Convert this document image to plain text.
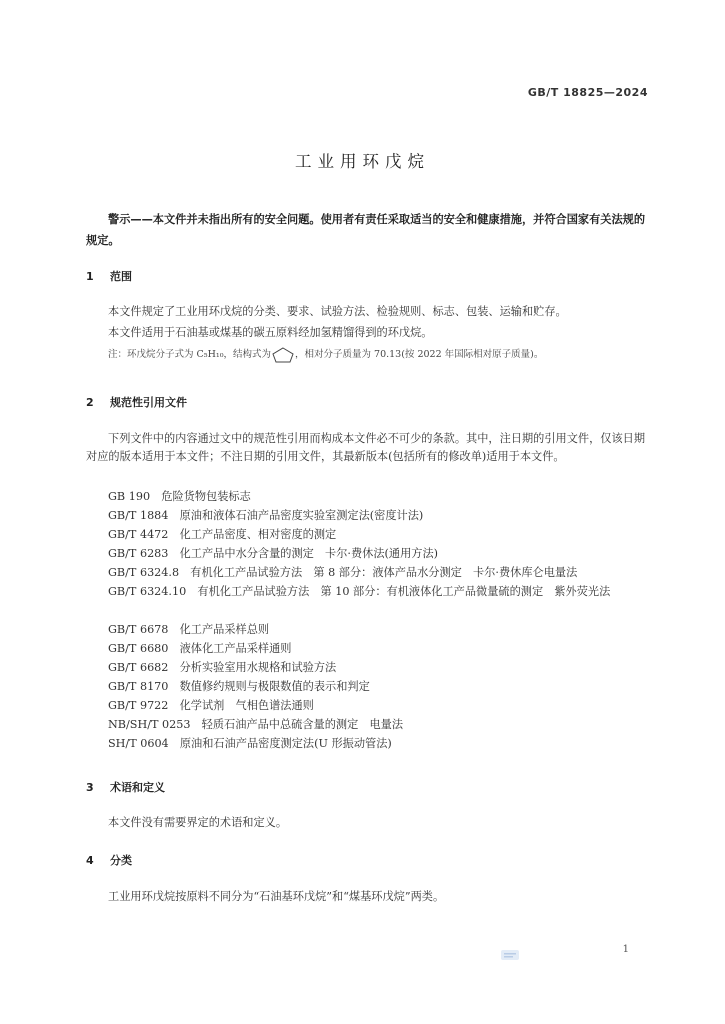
GB/T 18825—2024
工业用环戊烷
警示——本文件并未指出所有的安全问题。使用者有责任采取适当的安全和健康措施，并符合国家有关法规的规定。
1 范围
本文件规定了工业用环戊烷的分类、要求、试验方法、检验规则、标志、包装、运输和贮存。
本文件适用于石油基或煤基的碳五原料经加氢精馏得到的环戊烷。
注：环戊烷分子式为 C₅H₁₀，结构式为	，相对分子质量为 70.13(按 2022 年国际相对原子质量)。
2 规范性引用文件
下列文件中的内容通过文中的规范性引用而构成本文件必不可少的条款。其中，注日期的引用文件，仅该日期对应的版本适用于本文件；不注日期的引用文件，其最新版本(包括所有的修改单)适用于本文件。
GB 190　危险货物包装标志
GB/T 1884　原油和液体石油产品密度实验室测定法(密度计法)
GB/T 4472　化工产品密度、相对密度的测定
GB/T 6283　化工产品中水分含量的测定　卡尔·费休法(通用方法)
GB/T 6324.8　有机化工产品试验方法　第 8 部分：液体产品水分测定　卡尔·费休库仑电量法
GB/T 6324.10　有机化工产品试验方法　第 10 部分：有机液体化工产品微量硫的测定　紫外荧光法
GB/T 6678　化工产品采样总则
GB/T 6680　液体化工产品采样通则
GB/T 6682　分析实验室用水规格和试验方法
GB/T 8170　数值修约规则与极限数值的表示和判定
GB/T 9722　化学试剂　气相色谱法通则
NB/SH/T 0253　轻质石油产品中总硫含量的测定　电量法
SH/T 0604　原油和石油产品密度测定法(U 形振动管法)
3 术语和定义
本文件没有需要界定的术语和定义。
4 分类
工业用环戊烷按原料不同分为“石油基环戊烷”和“煤基环戊烷”两类。
1
